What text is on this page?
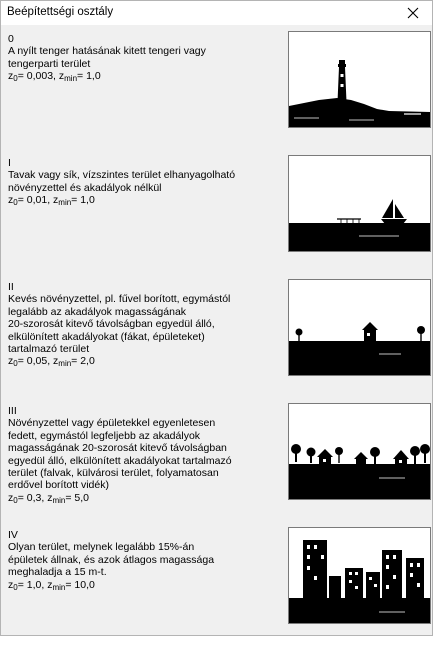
Beépítettségi osztály
0
A nyílt tenger hatásának kitett tengeri vagy
tengerparti terület
$z_0= 0,003$, $z_{min}= 1,0$
I
Tavak vagy sík, vízszintes terület elhanyagolható
növényzettel és akadályok nélkül
$z_0= 0,01$, $z_{min}= 1,0$
II
Kevés növényzettel, pl. fűvel borított, egymástól
legalább az akadályok magasságának
20-szorosát kitevő távolságban egyedül álló,
elkülönített akadályokat (fákat, épületeket)
tartalmazó terület
$z_0= 0,05$, $z_{min}= 2,0$
III
Növényzettel vagy épületekkel egyenletesen
fedett, egymástól legfeljebb az akadályok
magasságának 20-szorosát kitevő távolságban
egyedül álló, elkülönített akadályokat tartalmazó
terület (falvak, külvárosi terület, folyamatosan
erdővel borított vidék)
$z_0= 0,3$, $z_{min}= 5,0$
IV
Olyan terület, melynek legalább 15%-án
épületek állnak, és azok átlagos magassága
meghaladja a 15 m-t.
$z_0= 1,0$, $z_{min}= 10,0$
